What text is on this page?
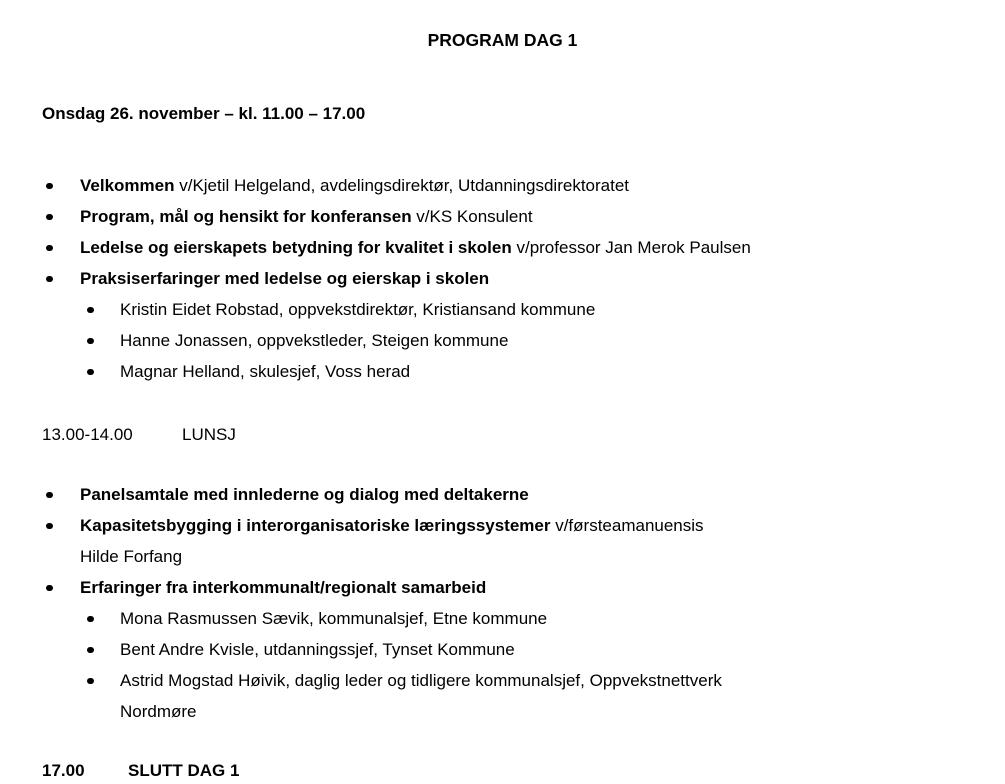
PROGRAM DAG 1
Onsdag 26. november – kl. 11.00 – 17.00
Velkommen v/Kjetil Helgeland, avdelingsdirektør, Utdanningsdirektoratet
Program, mål og hensikt for konferansen v/KS Konsulent
Ledelse og eierskapets betydning for kvalitet i skolen v/professor Jan Merok Paulsen
Praksiserfaringer med ledelse og eierskap i skolen
Kristin Eidet Robstad, oppvekstdirektør, Kristiansand kommune
Hanne Jonassen, oppvekstleder, Steigen kommune
Magnar Helland, skulesjef, Voss herad
13.00-14.00	LUNSJ
Panelsamtale med innlederne og dialog med deltakerne
Kapasitetsbygging i interorganisatoriske læringssystemer v/førsteamanuensis
Hilde Forfang
Erfaringer fra interkommunalt/regionalt samarbeid
Mona Rasmussen Sævik, kommunalsjef, Etne kommune
Bent Andre Kvisle, utdanningssjef, Tynset Kommune
Astrid Mogstad Høivik, daglig leder og tidligere kommunalsjef, Oppvekstnettverk
Nordmøre
17.00	SLUTT DAG 1
